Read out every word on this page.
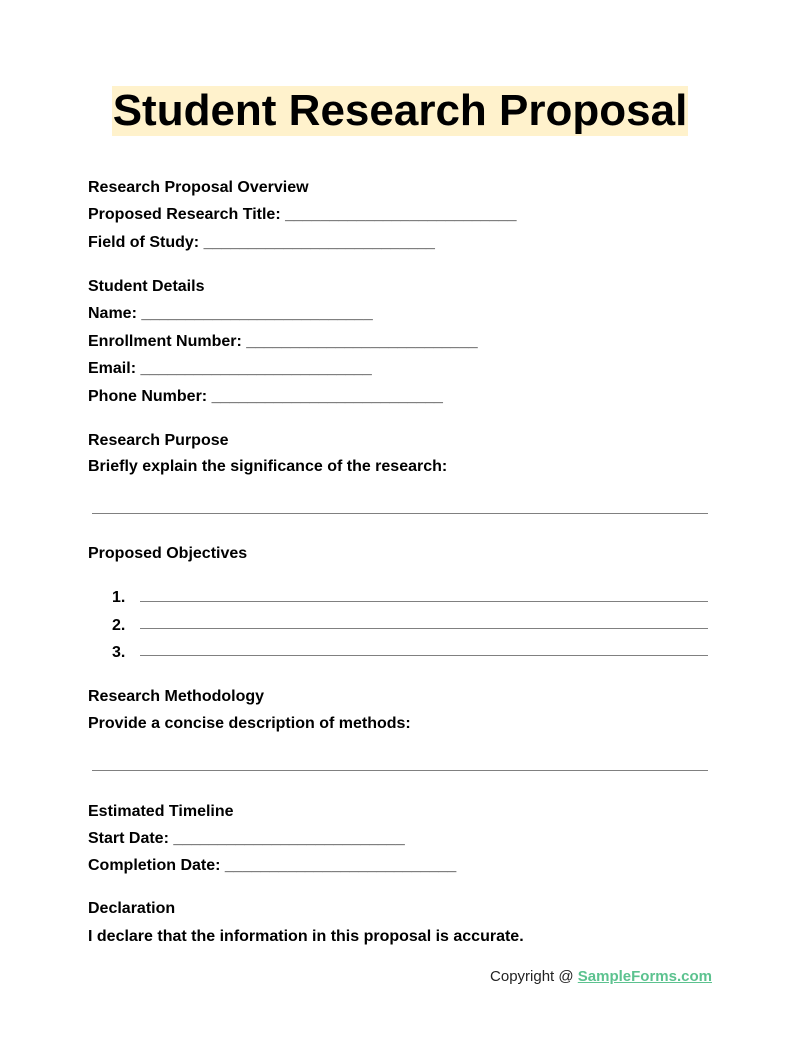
Student Research Proposal
Research Proposal Overview
Proposed Research Title: __________________________
Field of Study: __________________________
Student Details
Name: __________________________
Enrollment Number: __________________________
Email: __________________________
Phone Number: __________________________
Research Purpose
Briefly explain the significance of the research:
Proposed Objectives
1.
2.
3.
Research Methodology
Provide a concise description of methods:
Estimated Timeline
Start Date: __________________________
Completion Date: __________________________
Declaration
I declare that the information in this proposal is accurate.
Copyright @ SampleForms.com
